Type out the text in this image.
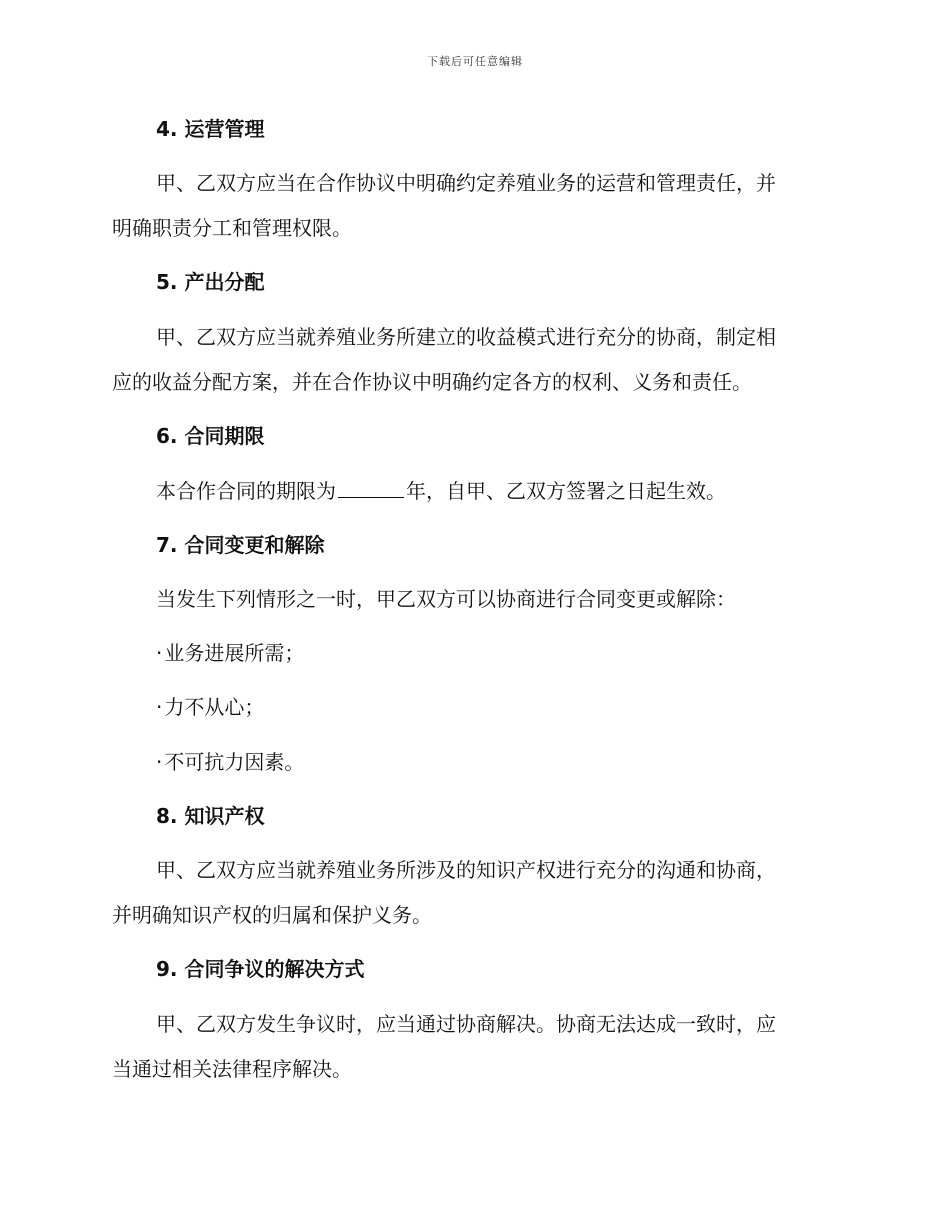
下载后可任意编辑
4. 运营管理
甲、乙双方应当在合作协议中明确约定养殖业务的运营和管理责任，并
明确职责分工和管理权限。
5. 产出分配
甲、乙双方应当就养殖业务所建立的收益模式进行充分的协商，制定相
应的收益分配方案，并在合作协议中明确约定各方的权利、义务和责任。
6. 合同期限
本合作合同的期限为	年，自甲、乙双方签署之日起生效。
7. 合同变更和解除
当发生下列情形之一时，甲乙双方可以协商进行合同变更或解除：
· 业务进展所需；
· 力不从心；
· 不可抗力因素。
8. 知识产权
甲、乙双方应当就养殖业务所涉及的知识产权进行充分的沟通和协商，
并明确知识产权的归属和保护义务。
9. 合同争议的解决方式
甲、乙双方发生争议时，应当通过协商解决。协商无法达成一致时，应
当通过相关法律程序解决。
